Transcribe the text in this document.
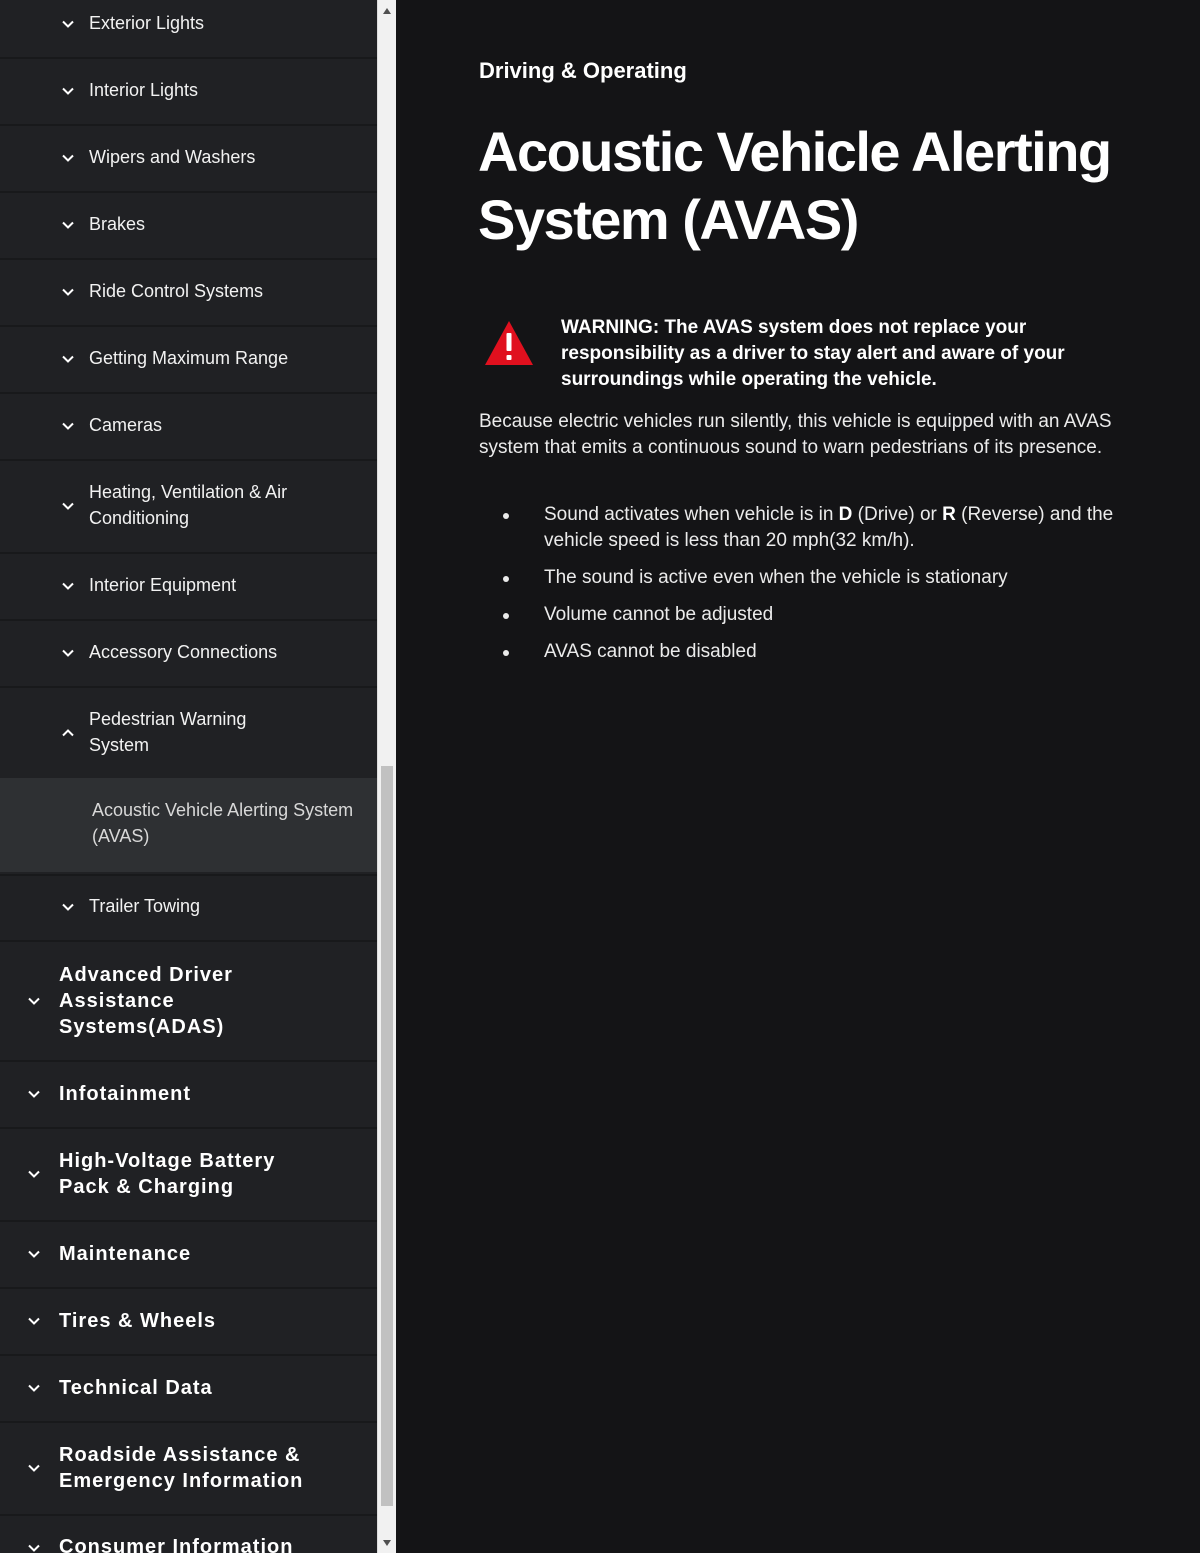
Exterior Lights
Interior Lights
Wipers and Washers
Brakes
Ride Control Systems
Getting Maximum Range
Cameras
Heating, Ventilation & Air Conditioning
Interior Equipment
Accessory Connections
Pedestrian Warning System
Acoustic Vehicle Alerting System (AVAS)
Trailer Towing
Advanced Driver Assistance Systems(ADAS)
Infotainment
High-Voltage Battery Pack & Charging
Maintenance
Tires & Wheels
Technical Data
Roadside Assistance & Emergency Information
Consumer Information
Driving & Operating
Acoustic Vehicle Alerting System (AVAS)

WARNING: The AVAS system does not replace your responsibility as a driver to stay alert and aware of your surroundings while operating the vehicle.

Because electric vehicles run silently, this vehicle is equipped with an AVAS system that emits a continuous sound to warn pedestrians of its presence.

Sound activates when vehicle is in D (Drive) or R (Reverse) and the vehicle speed is less than 20 mph(32 km/h).
The sound is active even when the vehicle is stationary
Volume cannot be adjusted
AVAS cannot be disabled
